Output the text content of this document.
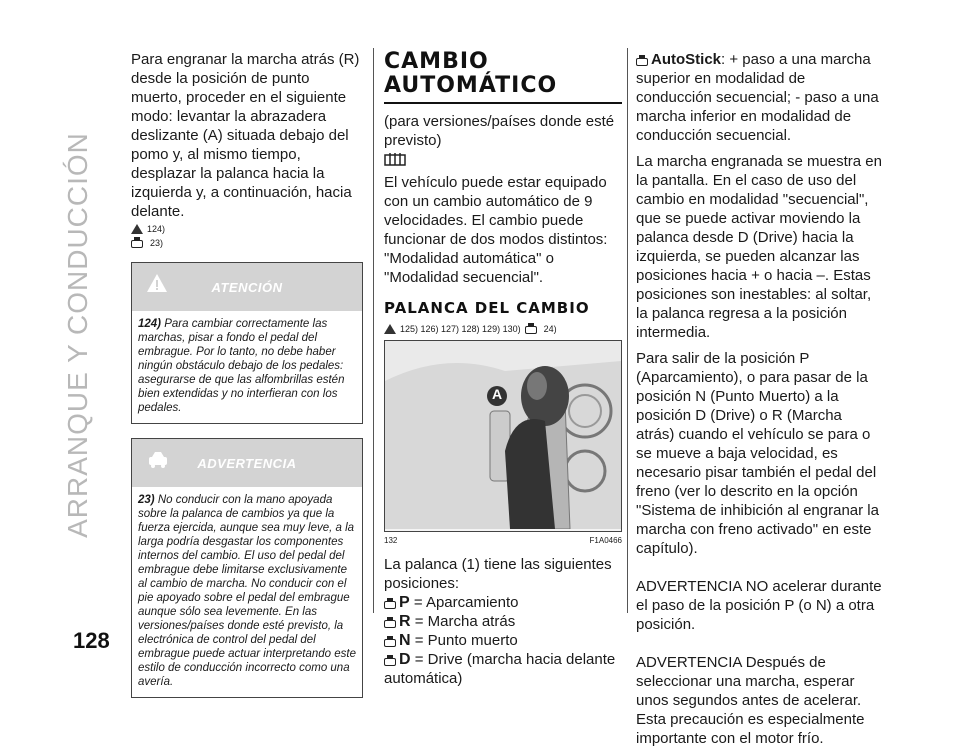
ARRANQUE Y CONDUCCIÓN
128

Para engranar la marcha atrás (R) desde la posición de punto muerto, proceder en el siguiente modo: levantar la abrazadera deslizante (A) situada debajo del pomo y, al mismo tiempo, desplazar la palanca hacia la izquierda y, a continuación, hacia delante.

124)
23)
ATENCIÓN
124) Para cambiar correctamente las marchas, pisar a fondo el pedal del embrague. Por lo tanto, no debe haber ningún obstáculo debajo de los pedales: asegurarse de que las alfombrillas estén bien extendidas y no interfieran con los pedales.
ADVERTENCIA
23) No conducir con la mano apoyada sobre la palanca de cambios ya que la fuerza ejercida, aunque sea muy leve, a la larga podría desgastar los componentes internos del cambio. El uso del pedal del embrague debe limitarse exclusivamente al cambio de marcha. No conducir con el pie apoyado sobre el pedal del embrague aunque sólo sea levemente. En las versiones/países donde esté previsto, la electrónica de control del pedal del embrague puede actuar interpretando este estilo de conducción incorrecto como una avería.
CAMBIO
AUTOMÁTICO

(para versiones/países donde esté previsto)

El vehículo puede estar equipado con un cambio automático de 9 velocidades. El cambio puede funcionar de dos modos distintos: "Modalidad automática" o "Modalidad secuencial".

PALANCA DEL CAMBIO
125) 126) 127) 128) 129) 130)	24)
A
132	F1A0466

La palanca (1) tiene las siguientes posiciones:

P = Aparcamiento
R = Marcha atrás
N = Punto muerto
D = Drive (marcha hacia delante automática)

AutoStick: + paso a una marcha superior en modalidad de conducción secuencial; - paso a una marcha inferior en modalidad de conducción secuencial.

La marcha engranada se muestra en la pantalla. En el caso de uso del cambio en modalidad "secuencial", que se puede activar moviendo la palanca desde D (Drive) hacia la izquierda, se pueden alcanzar las posiciones hacia + o hacia –. Estas posiciones son inestables: al soltar, la palanca regresa a la posición intermedia.

Para salir de la posición P (Aparcamiento), o para pasar de la posición N (Punto Muerto) a la posición D (Drive) o R (Marcha atrás) cuando el vehículo se para o se mueve a baja velocidad, es necesario pisar también el pedal del freno (ver lo descrito en la opción "Sistema de inhibición al engranar la marcha con freno activado" en este capítulo).

ADVERTENCIA NO acelerar durante el paso de la posición P (o N) a otra posición.

ADVERTENCIA Después de seleccionar una marcha, esperar unos segundos antes de acelerar. Esta precaución es especialmente importante con el motor frío.
